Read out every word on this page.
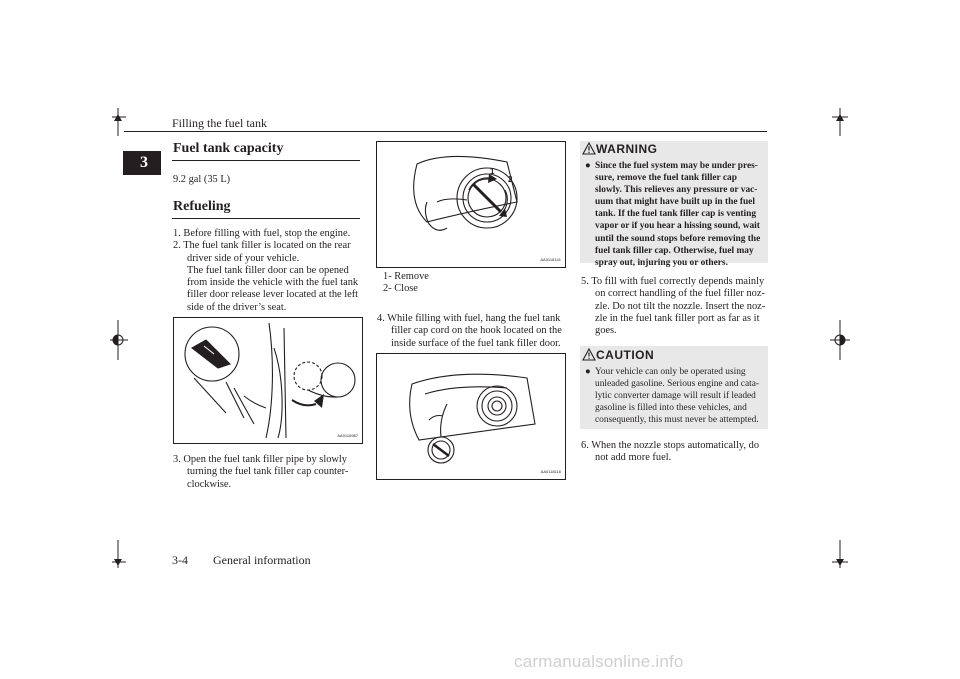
Filling the fuel tank
3
Fuel tank capacity
9.2 gal (35 L)
Refueling
1. Before filling with fuel, stop the engine.
2. The fuel tank filler is located on the rear
driver side of your vehicle.
The fuel tank filler door can be opened
from inside the vehicle with the fuel tank
filler door release lever located at the left
side of the driver’s seat.
AA0116987
3. Open the fuel tank filler pipe by slowly
turning the fuel tank filler cap counter-
clockwise.
1
2
AA0118141
1- Remove
2- Close
4. While filling with fuel, hang the fuel tank
filler cap cord on the hook located on the
inside surface of the fuel tank filler door.
AA0118116
WARNING
● Since the fuel system may be under pres-
sure, remove the fuel tank filler cap
slowly. This relieves any pressure or vac-
uum that might have built up in the fuel
tank. If the fuel tank filler cap is venting
vapor or if you hear a hissing sound, wait
until the sound stops before removing the
fuel tank filler cap. Otherwise, fuel may
spray out, injuring you or others.
5. To fill with fuel correctly depends mainly
on correct handling of the fuel filler noz-
zle. Do not tilt the nozzle. Insert the noz-
zle in the fuel tank filler port as far as it
goes.
CAUTION
● Your vehicle can only be operated using
unleaded gasoline. Serious engine and cata-
lytic converter damage will result if leaded
gasoline is filled into these vehicles, and
consequently, this must never be attempted.
6. When the nozzle stops automatically, do
not add more fuel.
3-4 General information
carmanualsonline.info
